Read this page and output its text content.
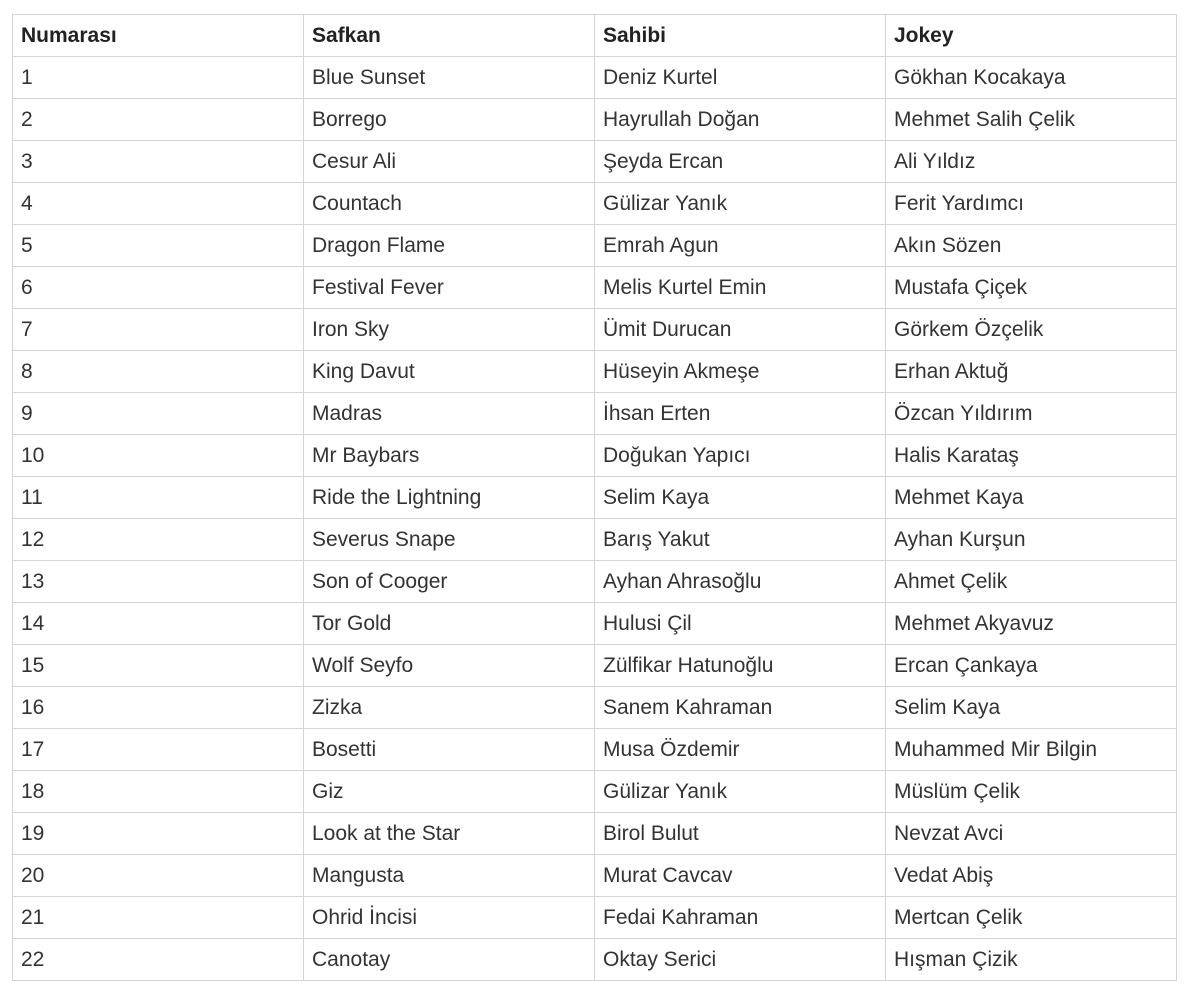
Numarası	Safkan	Sahibi	Jokey
1	Blue Sunset	Deniz Kurtel	Gökhan Kocakaya
2	Borrego	Hayrullah Doğan	Mehmet Salih Çelik
3	Cesur Ali	Şeyda Ercan	Ali Yıldız
4	Countach	Gülizar Yanık	Ferit Yardımcı
5	Dragon Flame	Emrah Agun	Akın Sözen
6	Festival Fever	Melis Kurtel Emin	Mustafa Çiçek
7	Iron Sky	Ümit Durucan	Görkem Özçelik
8	King Davut	Hüseyin Akmeşe	Erhan Aktuğ
9	Madras	İhsan Erten	Özcan Yıldırım
10	Mr Baybars	Doğukan Yapıcı	Halis Karataş
11	Ride the Lightning	Selim Kaya	Mehmet Kaya
12	Severus Snape	Barış Yakut	Ayhan Kurşun
13	Son of Cooger	Ayhan Ahrasoğlu	Ahmet Çelik
14	Tor Gold	Hulusi Çil	Mehmet Akyavuz
15	Wolf Seyfo	Zülfikar Hatunoğlu	Ercan Çankaya
16	Zizka	Sanem Kahraman	Selim Kaya
17	Bosetti	Musa Özdemir	Muhammed Mir Bilgin
18	Giz	Gülizar Yanık	Müslüm Çelik
19	Look at the Star	Birol Bulut	Nevzat Avci
20	Mangusta	Murat Cavcav	Vedat Abiş
21	Ohrid İncisi	Fedai Kahraman	Mertcan Çelik
22	Canotay	Oktay Serici	Hışman Çizik
